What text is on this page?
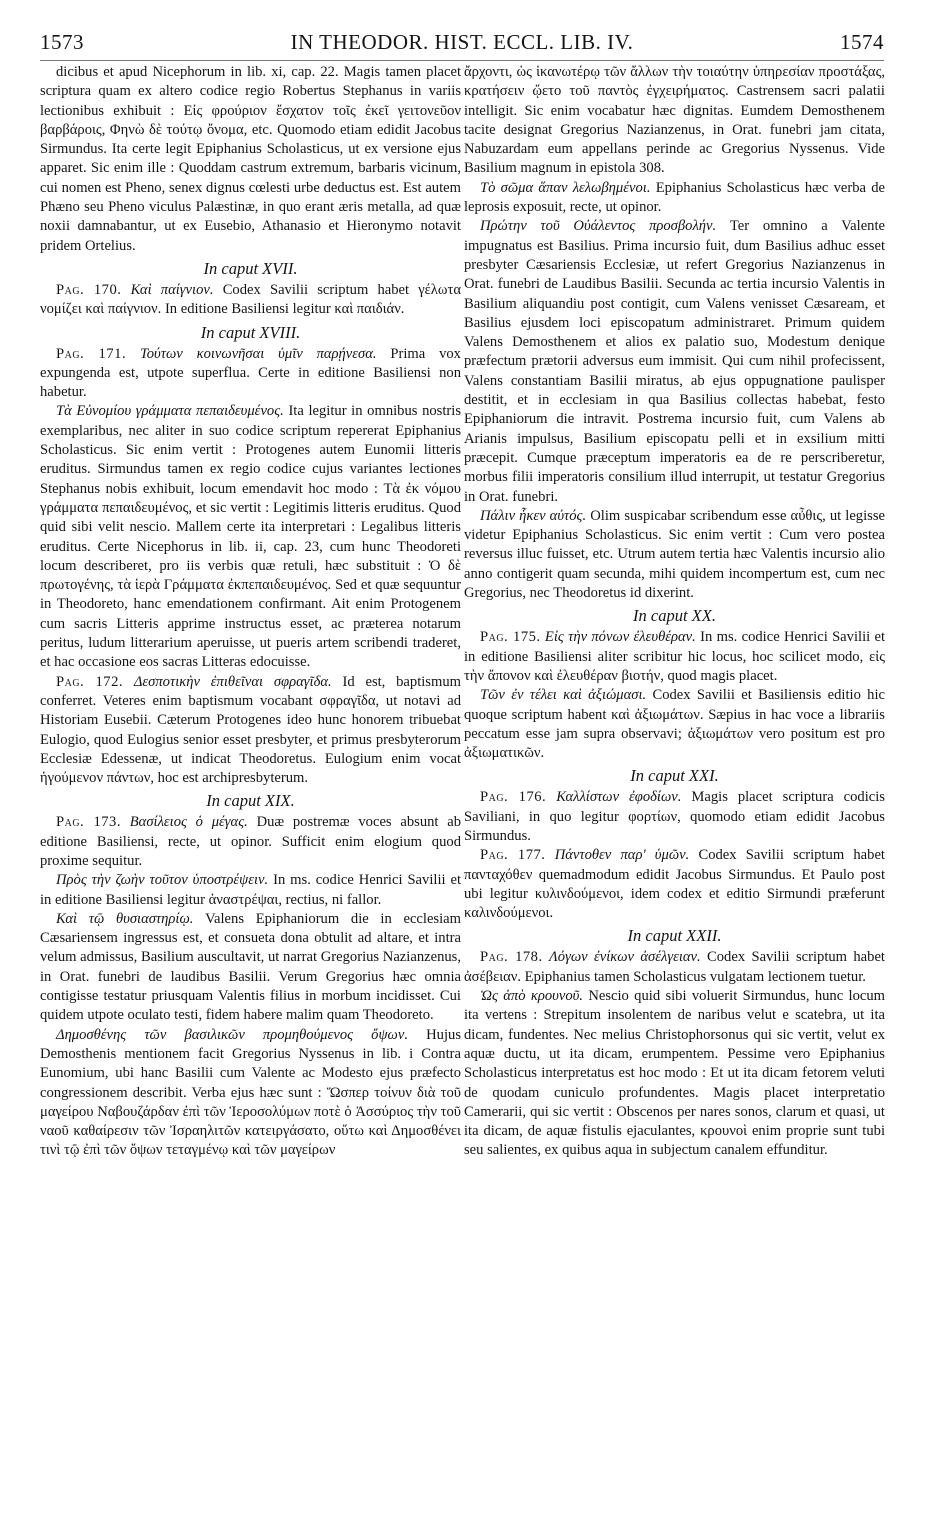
1573	IN THEODOR. HIST. ECCL. LIB. IV.	1574

dicibus et apud Nicephorum in lib. xi, cap. 22. Magis tamen placet scriptura quam ex altero codice regio Robertus Stephanus in variis lectionibus exhibuit : Εἰς φρούριον ἔσχατον τοῖς ἐκεῖ γειτονεῦον βαρβάροις, Φηνὼ δὲ τούτῳ ὄνομα, etc. Quomodo etiam edidit Jacobus Sirmundus. Ita certe legit Epiphanius Scholasticus, ut ex versione ejus apparet. Sic enim ille : Quoddam castrum extremum, barbaris vicinum, cui nomen est Pheno, senex dignus cœlesti urbe deductus est. Est autem Phæno seu Pheno viculus Palæstinæ, in quo erant æris metalla, ad quæ noxii damnabantur, ut ex Eusebio, Athanasio et Hieronymo notavit pridem Ortelius.

In caput XVII.

Pag. 170. Καὶ παίγνιον. Codex Savilii scriptum habet γέλωτα νομίζει καὶ παίγνιον. In editione Basiliensi legitur καὶ παιδιάν.

In caput XVIII.

Pag. 171. Τούτων κοινωνῆσαι ὑμῖν παρῄνεσα. Prima vox expungenda est, utpote superflua. Certe in editione Basiliensi non habetur.

Τὰ Εὐνομίου γράμματα πεπαιδευμένος. Ita legitur in omnibus nostris exemplaribus, nec aliter in suo codice scriptum repererat Epiphanius Scholasticus. Sic enim vertit : Protogenes autem Eunomii litteris eruditus. Sirmundus tamen ex regio codice cujus variantes lectiones Stephanus nobis exhibuit, locum emendavit hoc modo : Τὰ ἐκ νόμου γράμματα πεπαιδευμένος, et sic vertit : Legitimis litteris eruditus. Quod quid sibi velit nescio. Mallem certe ita interpretari : Legalibus litteris eruditus. Certe Nicephorus in lib. ii, cap. 23, cum hunc Theodoreti locum describeret, pro iis verbis quæ retuli, hæc substituit : Ὁ δὲ πρωτογένης, τὰ ἱερὰ Γράμματα ἐκπεπαιδευμένος. Sed et quæ sequuntur in Theodoreto, hanc emendationem confirmant. Ait enim Protogenem cum sacris Litteris apprime instructus esset, ac præterea notarum peritus, ludum litterarium aperuisse, ut pueris artem scribendi traderet, et hac occasione eos sacras Litteras edocuisse.

Pag. 172. Δεσποτικὴν ἐπιθεῖναι σφραγῖδα. Id est, baptismum conferret. Veteres enim baptismum vocabant σφραγῖδα, ut notavi ad Historiam Eusebii. Cæterum Protogenes ideo hunc honorem tribuebat Eulogio, quod Eulogius senior esset presbyter, et primus presbyterorum Ecclesiæ Edessenæ, ut indicat Theodoretus. Eulogium enim vocat ἡγούμενον πάντων, hoc est archipresbyterum.

In caput XIX.

Pag. 173. Βασίλειος ὁ μέγας. Duæ postremæ voces absunt ab editione Basiliensi, recte, ut opinor. Sufficit enim elogium quod proxime sequitur.

Πρὸς τὴν ζωὴν τοῦτον ὑποστρέψειν. In ms. codice Henrici Savilii et in editione Basiliensi legitur ἀναστρέψαι, rectius, ni fallor.

Καὶ τῷ θυσιαστηρίῳ. Valens Epiphaniorum die in ecclesiam Cæsariensem ingressus est, et consueta dona obtulit ad altare, et intra velum admissus, Basilium auscultavit, ut narrat Gregorius Nazianzenus, in Orat. funebri de laudibus Basilii. Verum Gregorius hæc omnia contigisse testatur priusquam Valentis filius in morbum incidisset. Cui quidem utpote oculato testi, fidem habere malim quam Theodoreto.

Δημοσθένης τῶν βασιλικῶν προμηθούμενος ὄψων. Hujus Demosthenis mentionem facit Gregorius Nyssenus in lib. i Contra Eunomium, ubi hanc Basilii cum Valente ac Modesto ejus præfecto congressionem describit. Verba ejus hæc sunt : Ὥσπερ τοίνυν διὰ τοῦ μαγείρου Ναβουζάρδαν ἐπὶ τῶν Ἱεροσολύμων ποτὲ ὁ Ἀσσύριος τὴν τοῦ ναοῦ καθαίρεσιν τῶν Ἰσραηλιτῶν κατειργάσατο, οὕτω καὶ Δημοσθένει τινὶ τῷ ἐπὶ τῶν ὄψων τεταγμένῳ καὶ τῶν μαγείρων

ἄρχοντι, ὡς ἱκανωτέρῳ τῶν ἄλλων τὴν τοιαύτην ὑπηρεσίαν προστάξας, κρατήσειν ᾤετο τοῦ παντὸς ἐγχειρήματος. Castrensem sacri palatii intelligit. Sic enim vocabatur hæc dignitas. Eumdem Demosthenem tacite designat Gregorius Nazianzenus, in Orat. funebri jam citata, Nabuzardam eum appellans perinde ac Gregorius Nyssenus. Vide Basilium magnum in epistola 308.

Τὸ σῶμα ἅπαν λελωβημένοι. Epiphanius Scholasticus hæc verba de leprosis exposuit, recte, ut opinor.

Πρώτην τοῦ Οὐάλεντος προσβολήν. Ter omnino a Valente impugnatus est Basilius. Prima incursio fuit, dum Basilius adhuc esset presbyter Cæsariensis Ecclesiæ, ut refert Gregorius Nazianzenus in Orat. funebri de Laudibus Basilii. Secunda ac tertia incursio Valentis in Basilium aliquandiu post contigit, cum Valens venisset Cæsaream, et Basilius ejusdem loci episcopatum administraret. Primum quidem Valens Demosthenem et alios ex palatio suo, Modestum denique præfectum prætorii adversus eum immisit. Qui cum nihil profecissent, Valens constantiam Basilii miratus, ab ejus oppugnatione paulisper destitit, et in ecclesiam in qua Basilius collectas habebat, festo Epiphaniorum die intravit. Postrema incursio fuit, cum Valens ab Arianis impulsus, Basilium episcopatu pelli et in exsilium mitti præcepit. Cumque præceptum imperatoris ea de re perscriberetur, morbus filii imperatoris consilium illud interrupit, ut testatur Gregorius in Orat. funebri.

Πάλιν ἧκεν αὐτός. Olim suspicabar scribendum esse αὖθις, ut legisse videtur Epiphanius Scholasticus. Sic enim vertit : Cum vero postea reversus illuc fuisset, etc. Utrum autem tertia hæc Valentis incursio alio anno contigerit quam secunda, mihi quidem incompertum est, cum nec Gregorius, nec Theodoretus id dixerint.

In caput XX.

Pag. 175. Εἰς τὴν πόνων ἐλευθέραν. In ms. codice Henrici Savilii et in editione Basiliensi aliter scribitur hic locus, hoc scilicet modo, εἰς τὴν ἄπονον καὶ ἐλευθέραν βιοτήν, quod magis placet.

Τῶν ἐν τέλει καὶ ἀξιώμασι. Codex Savilii et Basiliensis editio hic quoque scriptum habent καὶ ἀξιωμάτων. Sæpius in hac voce a librariis peccatum esse jam supra observavi; ἀξιωμάτων vero positum est pro ἀξιωματικῶν.

In caput XXI.

Pag. 176. Καλλίστων ἐφοδίων. Magis placet scriptura codicis Saviliani, in quo legitur φορτίων, quomodo etiam edidit Jacobus Sirmundus.

Pag. 177. Πάντοθεν παρ' ὑμῶν. Codex Savilii scriptum habet πανταχόθεν quemadmodum edidit Jacobus Sirmundus. Et Paulo post ubi legitur κυλινδούμενοι, idem codex et editio Sirmundi præferunt καλινδούμενοι.

In caput XXII.

Pag. 178. Λόγων ἐνίκων ἀσέλγειαν. Codex Savilii scriptum habet ἀσέβειαν. Epiphanius tamen Scholasticus vulgatam lectionem tuetur.

Ὡς ἀπὸ κρουνοῦ. Nescio quid sibi voluerit Sirmundus, hunc locum ita vertens : Strepitum insolentem de naribus velut e scatebra, ut ita dicam, fundentes. Nec melius Christophorsonus qui sic vertit, velut ex aquæ ductu, ut ita dicam, erumpentem. Pessime vero Epiphanius Scholasticus interpretatus est hoc modo : Et ut ita dicam fetorem veluti de quodam cuniculo profundentes. Magis placet interpretatio Camerarii, qui sic vertit : Obscenos per nares sonos, clarum et quasi, ut ita dicam, de aquæ fistulis ejaculantes, κρουνοὶ enim proprie sunt tubi seu salientes, ex quibus aqua in subjectum canalem effunditur.
